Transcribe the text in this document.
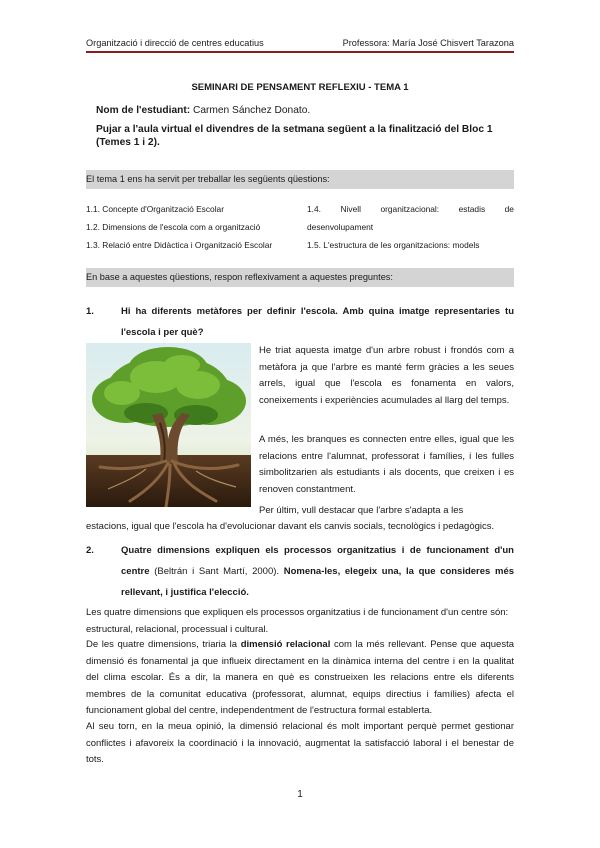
Organització i direcció de centres educatius	Professora: María José Chisvert Tarazona
SEMINARI DE PENSAMENT REFLEXIU - TEMA 1
Nom de l'estudiant: Carmen Sánchez Donato.
Pujar a l'aula virtual el divendres de la setmana següent a la finalització del Bloc 1 (Temes 1 i 2).
El tema 1 ens ha servit per treballar les següents qüestions:
1.1. Concepte d'Organització Escolar
1.2. Dimensions de l'escola com a organització
1.3. Relació entre Didàctica i Organització Escolar
1.4. Nivell organitzacional: estadis de
desenvolupament
1.5. L'estructura de les organitzacions: models
En base a aquestes qüestions, respon reflexivament a aquestes preguntes:
1.	Hi ha diferents metàfores per definir l'escola. Amb quina imatge representaries tu l'escola i per què?
He triat aquesta imatge d'un arbre robust i frondós com a metàfora ja que l'arbre es manté ferm gràcies a les seues arrels, igual que l'escola es fonamenta en valors, coneixements i experiències acumulades al llarg del temps.
A més, les branques es connecten entre elles, igual que les relacions entre l'alumnat, professorat i famílies, i les fulles simbolitzarien als estudiants i als docents, que creixen i es renoven constantment.
Per últim, vull destacar que l'arbre s'adapta a les
estacions, igual que l'escola ha d'evolucionar davant els canvis socials, tecnològics i pedagògics.
2.	Quatre dimensions expliquen els processos organitzatius i de funcionament d'un centre (Beltrán i Sant Martí, 2000). Nomena-les, elegeix una, la que consideres més rellevant, i justifica l'elecció.
Les quatre dimensions que expliquen els processos organitzatius i de funcionament d'un centre són: estructural, relacional, processual i cultural.
De les quatre dimensions, triaria la dimensió relacional com la més rellevant. Pense que aquesta dimensió és fonamental ja que influeix directament en la dinàmica interna del centre i en la qualitat del clima escolar. És a dir, la manera en què es construeixen les relacions entre els diferents membres de la comunitat educativa (professorat, alumnat, equips directius i famílies) afecta el funcionament global del centre, independentment de l'estructura formal establerta.
Al seu torn, en la meua opinió, la dimensió relacional és molt important perquè permet gestionar conflictes i afavoreix la coordinació i la innovació, augmentat la satisfacció laboral i el benestar de tots.
1
